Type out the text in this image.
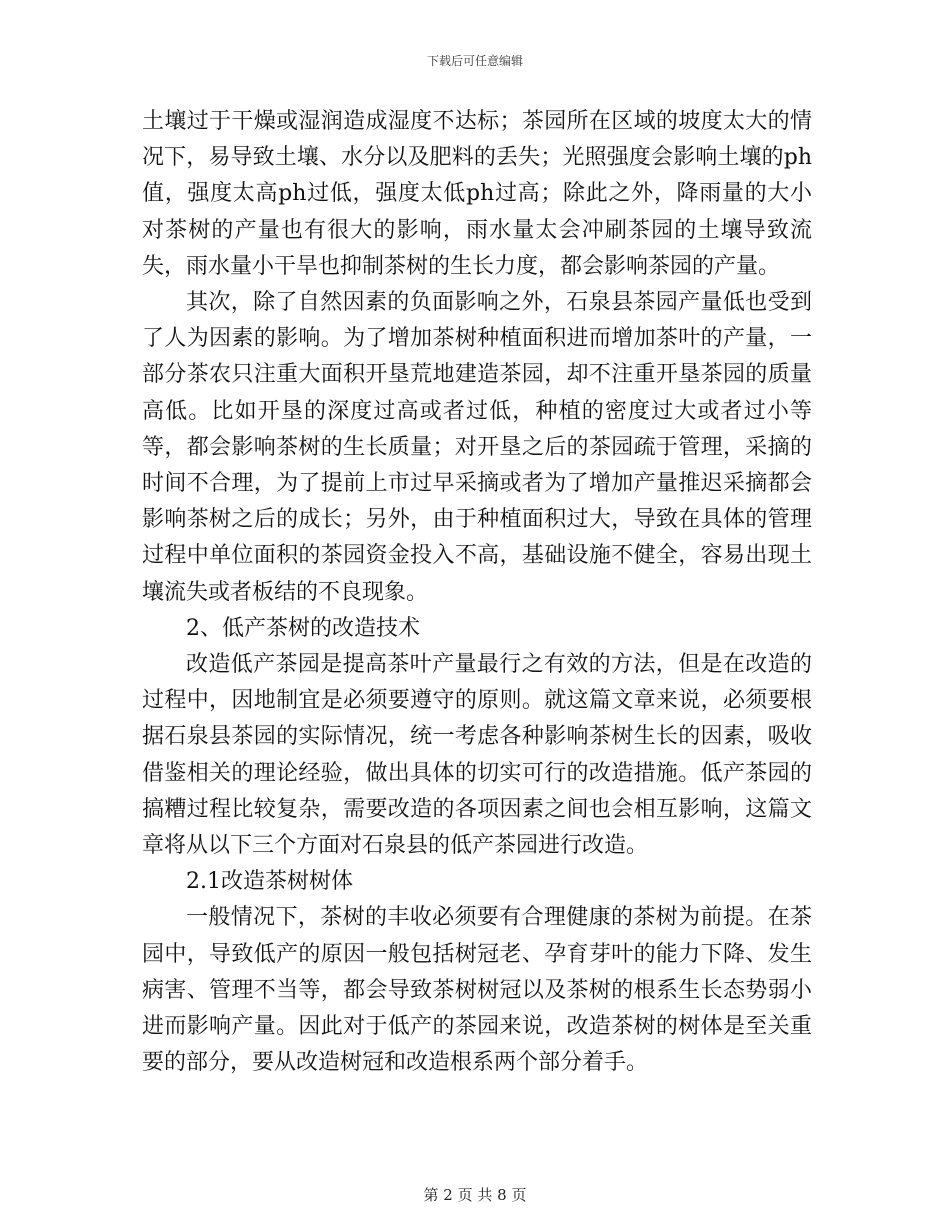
下载后可任意编辑

土壤过于干燥或湿润造成湿度不达标；茶园所在区域的坡度太大的情况下，易导致土壤、水分以及肥料的丢失；光照强度会影响土壤的ph值，强度太高ph过低，强度太低ph过高；除此之外，降雨量的大小对茶树的产量也有很大的影响，雨水量太会冲刷茶园的土壤导致流失，雨水量小干旱也抑制茶树的生长力度，都会影响茶园的产量。

其次，除了自然因素的负面影响之外，石泉县茶园产量低也受到了人为因素的影响。为了增加茶树种植面积进而增加茶叶的产量，一部分茶农只注重大面积开垦荒地建造茶园，却不注重开垦茶园的质量高低。比如开垦的深度过高或者过低，种植的密度过大或者过小等等，都会影响茶树的生长质量；对开垦之后的茶园疏于管理，采摘的时间不合理，为了提前上市过早采摘或者为了增加产量推迟采摘都会影响茶树之后的成长；另外，由于种植面积过大，导致在具体的管理过程中单位面积的茶园资金投入不高，基础设施不健全，容易出现土壤流失或者板结的不良现象。

2、低产茶树的改造技术

改造低产茶园是提高茶叶产量最行之有效的方法，但是在改造的过程中，因地制宜是必须要遵守的原则。就这篇文章来说，必须要根据石泉县茶园的实际情况，统一考虑各种影响茶树生长的因素，吸收借鉴相关的理论经验，做出具体的切实可行的改造措施。低产茶园的搞糟过程比较复杂，需要改造的各项因素之间也会相互影响，这篇文章将从以下三个方面对石泉县的低产茶园进行改造。

2.1改造茶树树体

一般情况下，茶树的丰收必须要有合理健康的茶树为前提。在茶园中，导致低产的原因一般包括树冠老、孕育芽叶的能力下降、发生病害、管理不当等，都会导致茶树树冠以及茶树的根系生长态势弱小进而影响产量。因此对于低产的茶园来说，改造茶树的树体是至关重要的部分，要从改造树冠和改造根系两个部分着手。

第 2 页 共 8 页
